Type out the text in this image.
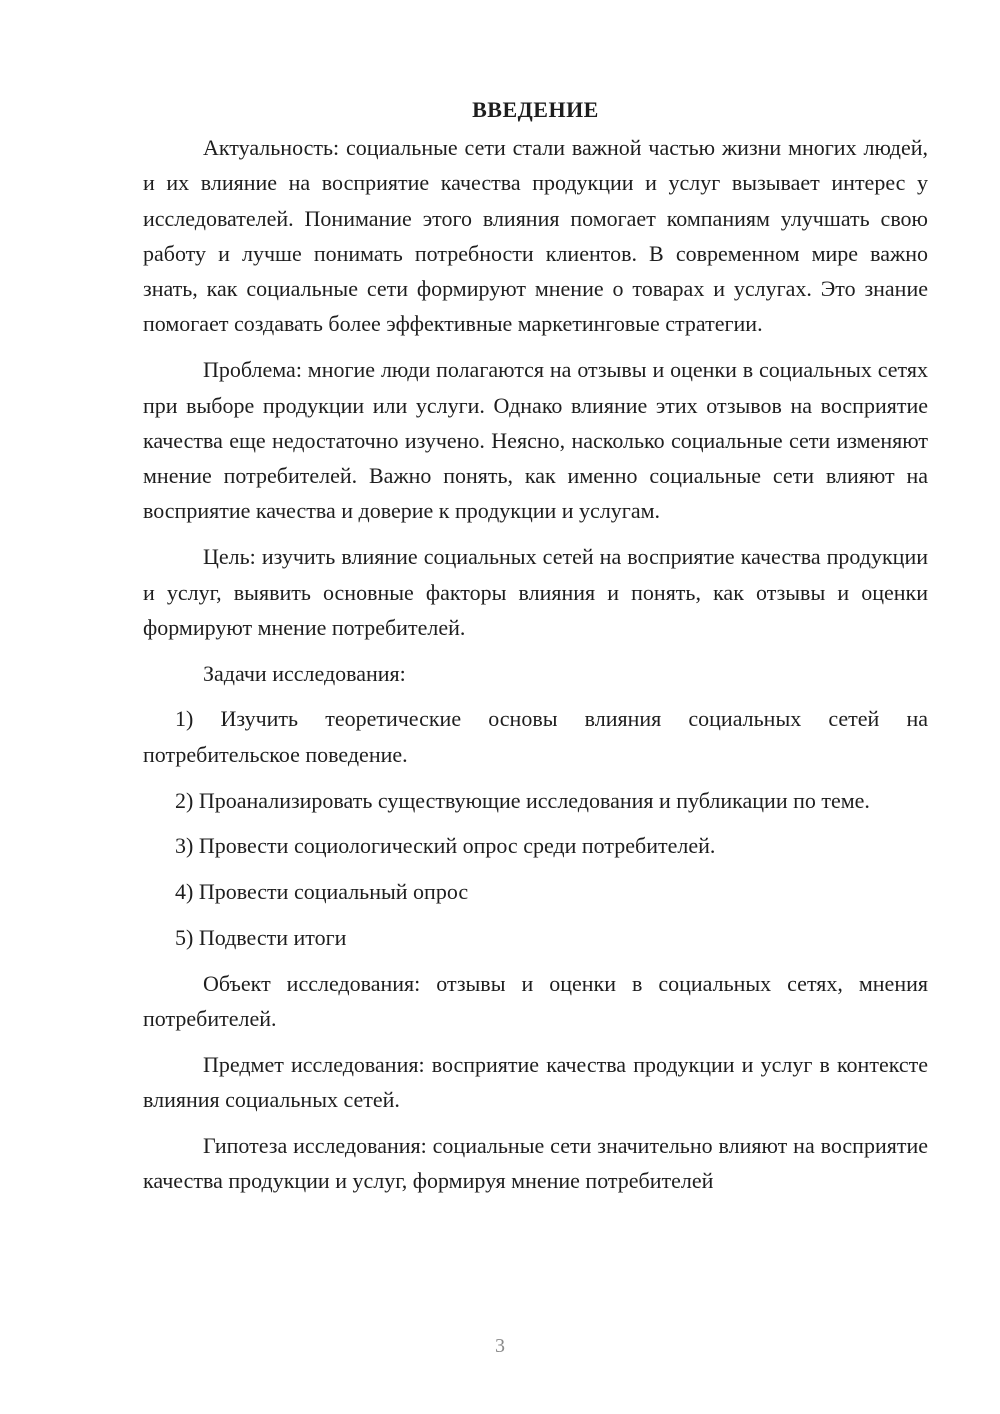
ВВЕДЕНИЕ

Актуальность: социальные сети стали важной частью жизни многих людей, и их влияние на восприятие качества продукции и услуг вызывает интерес у исследователей. Понимание этого влияния помогает компаниям улучшать свою работу и лучше понимать потребности клиентов. В современном мире важно знать, как социальные сети формируют мнение о товарах и услугах. Это знание помогает создавать более эффективные маркетинговые стратегии.

Проблема: многие люди полагаются на отзывы и оценки в социальных сетях при выборе продукции или услуги. Однако влияние этих отзывов на восприятие качества еще недостаточно изучено. Неясно, насколько социальные сети изменяют мнение потребителей. Важно понять, как именно социальные сети влияют на восприятие качества и доверие к продукции и услугам.

Цель: изучить влияние социальных сетей на восприятие качества продукции и услуг, выявить основные факторы влияния и понять, как отзывы и оценки формируют мнение потребителей.

Задачи исследования:

1) Изучить теоретические основы влияния социальных сетей на потребительское поведение.

2) Проанализировать существующие исследования и публикации по теме.

3) Провести социологический опрос среди потребителей.

4) Провести социальный опрос

5) Подвести итоги

Объект исследования: отзывы и оценки в социальных сетях, мнения потребителей.

Предмет исследования: восприятие качества продукции и услуг в контексте влияния социальных сетей.

Гипотеза исследования: социальные сети значительно влияют на восприятие качества продукции и услуг, формируя мнение потребителей

3
